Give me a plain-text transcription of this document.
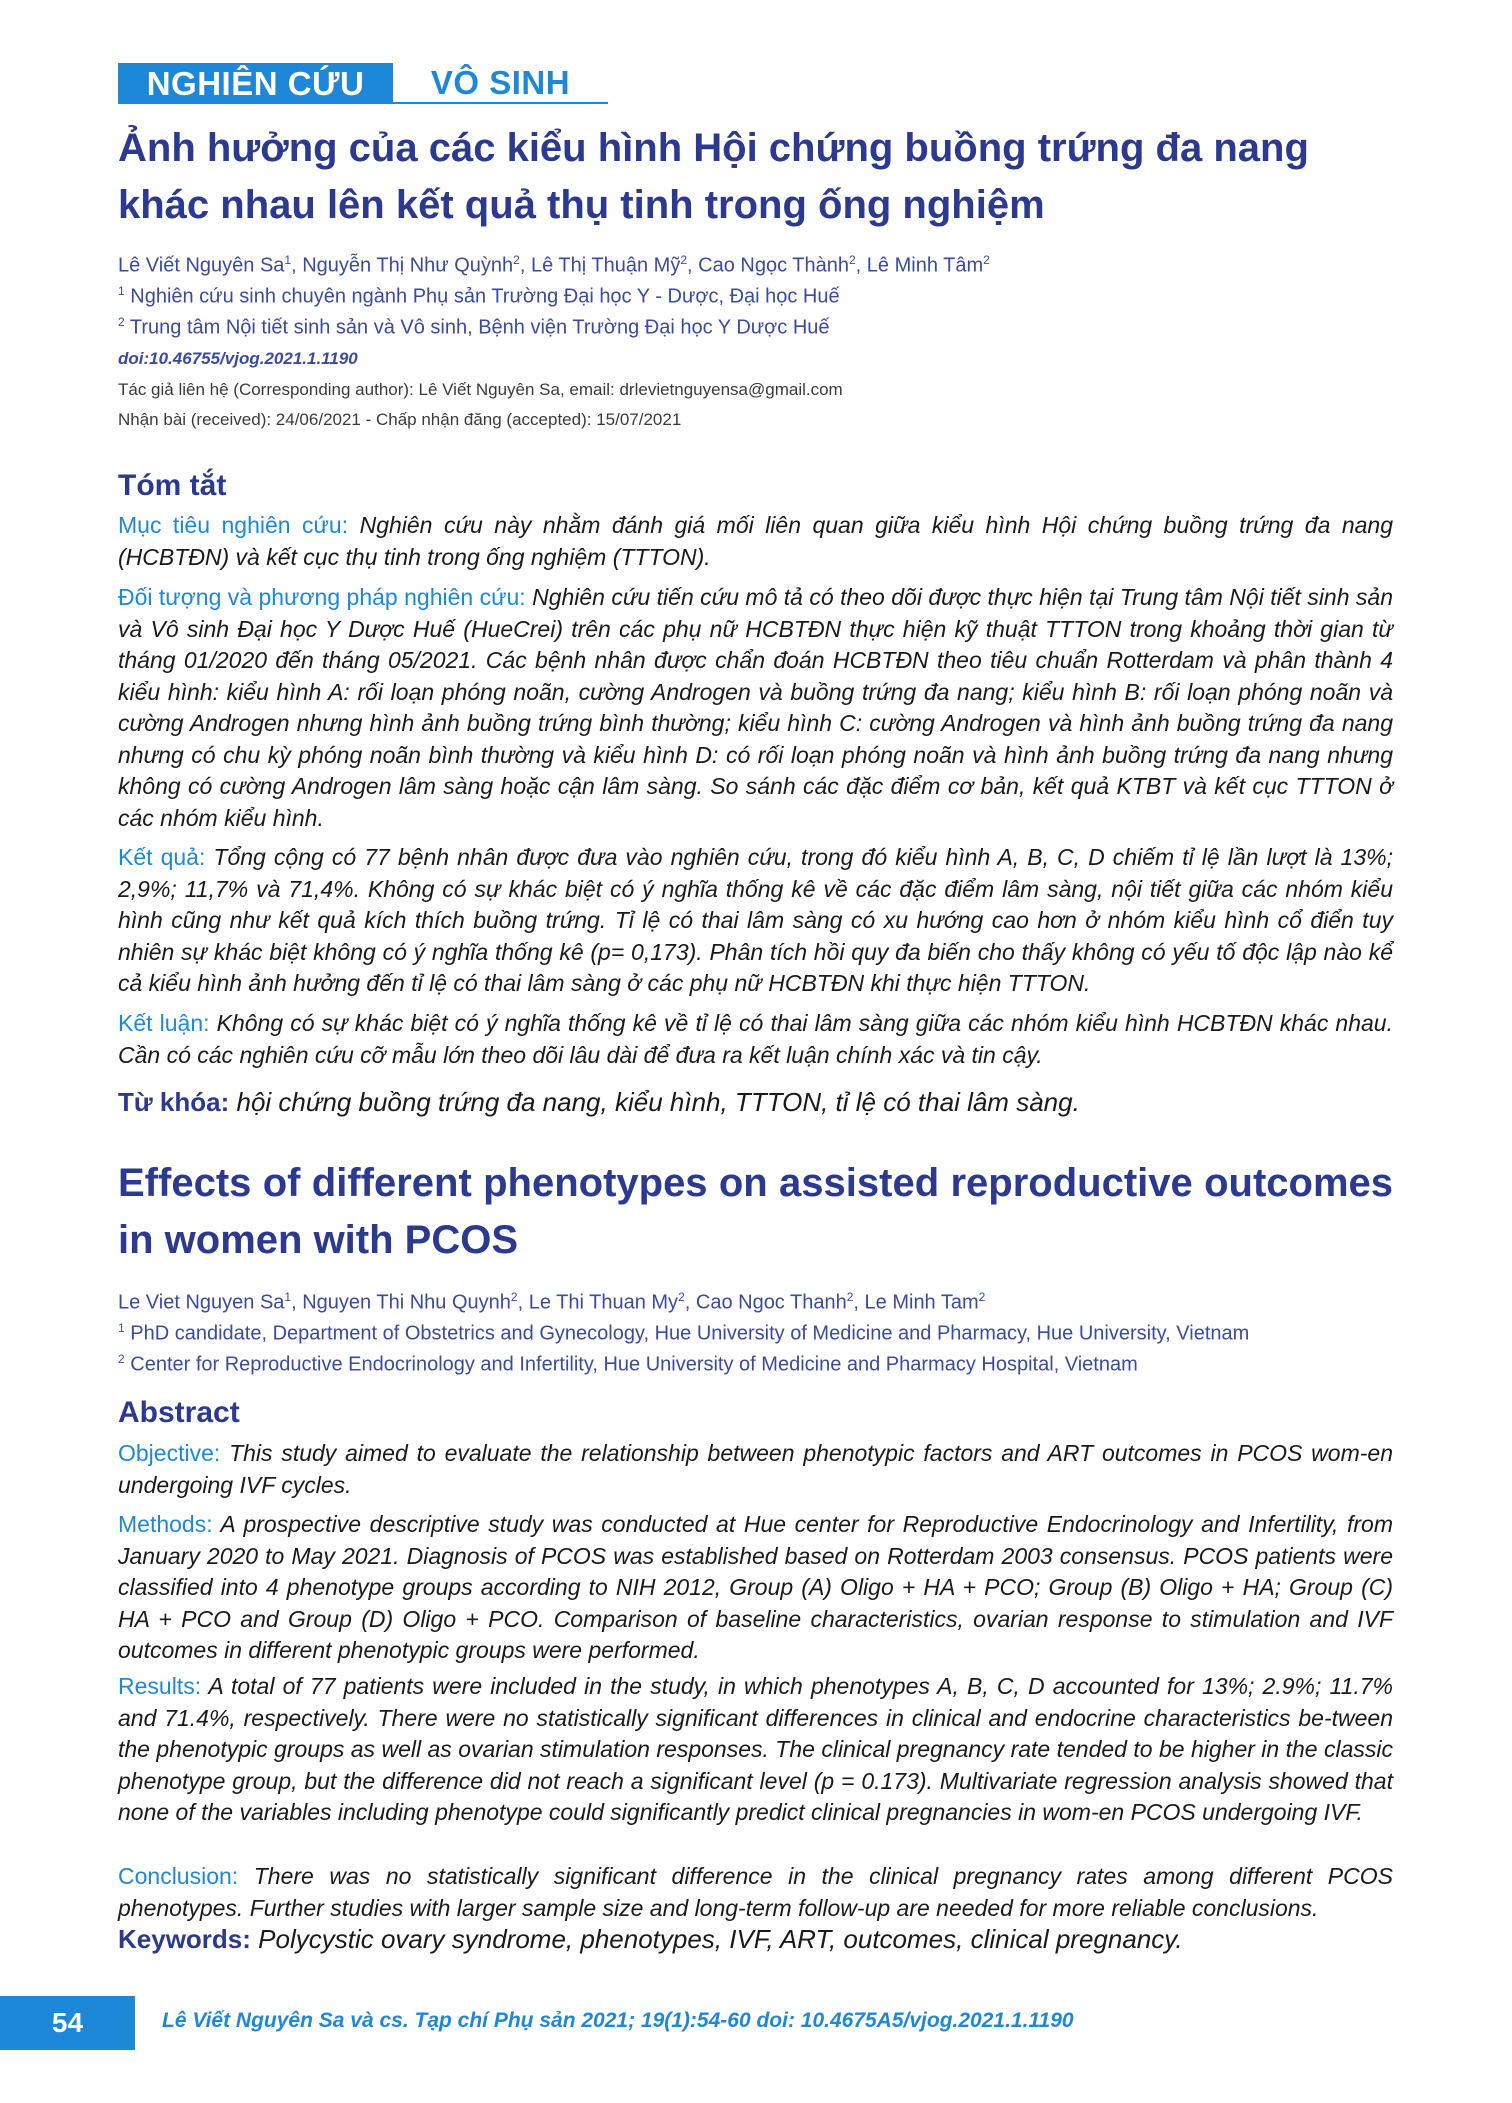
NGHIÊN CỨU	VÔ SINH
Ảnh hưởng của các kiểu hình Hội chứng buồng trứng đa nang khác nhau lên kết quả thụ tinh trong ống nghiệm
Lê Viết Nguyên Sa$^1$, Nguyễn Thị Như Quỳnh$^2$, Lê Thị Thuận Mỹ$^2$, Cao Ngọc Thành$^2$, Lê Minh Tâm$^2$
$^1$ Nghiên cứu sinh chuyên ngành Phụ sản Trường Đại học Y - Dược, Đại học Huế
$^2$ Trung tâm Nội tiết sinh sản và Vô sinh, Bệnh viện Trường Đại học Y Dược Huế
doi:10.46755/vjog.2021.1.1190
Tác giả liên hệ (Corresponding author): Lê Viết Nguyên Sa, email: drlevietnguyensa@gmail.com
Nhận bài (received): 24/06/2021 - Chấp nhận đăng (accepted): 15/07/2021
Tóm tắt
Mục tiêu nghiên cứu: Nghiên cứu này nhằm đánh giá mối liên quan giữa kiểu hình Hội chứng buồng trứng đa nang (HCBTĐN) và kết cục thụ tinh trong ống nghiệm (TTTON).
Đối tượng và phương pháp nghiên cứu: Nghiên cứu tiến cứu mô tả có theo dõi được thực hiện tại Trung tâm Nội tiết sinh sản và Vô sinh Đại học Y Dược Huế (HueCrei) trên các phụ nữ HCBTĐN thực hiện kỹ thuật TTTON trong khoảng thời gian từ tháng 01/2020 đến tháng 05/2021. Các bệnh nhân được chẩn đoán HCBTĐN theo tiêu chuẩn Rotterdam và phân thành 4 kiểu hình: kiểu hình A: rối loạn phóng noãn, cường Androgen và buồng trứng đa nang; kiểu hình B: rối loạn phóng noãn và cường Androgen nhưng hình ảnh buồng trứng bình thường; kiểu hình C: cường Androgen và hình ảnh buồng trứng đa nang nhưng có chu kỳ phóng noãn bình thường và kiểu hình D: có rối loạn phóng noãn và hình ảnh buồng trứng đa nang nhưng không có cường Androgen lâm sàng hoặc cận lâm sàng. So sánh các đặc điểm cơ bản, kết quả KTBT và kết cục TTTON ở các nhóm kiểu hình.
Kết quả: Tổng cộng có 77 bệnh nhân được đưa vào nghiên cứu, trong đó kiểu hình A, B, C, D chiếm tỉ lệ lần lượt là 13%; 2,9%; 11,7% và 71,4%. Không có sự khác biệt có ý nghĩa thống kê về các đặc điểm lâm sàng, nội tiết giữa các nhóm kiểu hình cũng như kết quả kích thích buồng trứng. Tỉ lệ có thai lâm sàng có xu hướng cao hơn ở nhóm kiểu hình cổ điển tuy nhiên sự khác biệt không có ý nghĩa thống kê (p= 0,173). Phân tích hồi quy đa biến cho thấy không có yếu tố độc lập nào kể cả kiểu hình ảnh hưởng đến tỉ lệ có thai lâm sàng ở các phụ nữ HCBTĐN khi thực hiện TTTON.
Kết luận: Không có sự khác biệt có ý nghĩa thống kê về tỉ lệ có thai lâm sàng giữa các nhóm kiểu hình HCBTĐN khác nhau. Cần có các nghiên cứu cỡ mẫu lớn theo dõi lâu dài để đưa ra kết luận chính xác và tin cậy.
Từ khóa: hội chứng buồng trứng đa nang, kiểu hình, TTTON, tỉ lệ có thai lâm sàng.
Effects of different phenotypes on assisted reproductive outcomes in women with PCOS
Le Viet Nguyen Sa$^1$, Nguyen Thi Nhu Quynh$^2$, Le Thi Thuan My$^2$, Cao Ngoc Thanh$^2$, Le Minh Tam$^2$
$^1$ PhD candidate, Department of Obstetrics and Gynecology, Hue University of Medicine and Pharmacy, Hue University, Vietnam
$^2$ Center for Reproductive Endocrinology and Infertility, Hue University of Medicine and Pharmacy Hospital, Vietnam
Abstract
Objective: This study aimed to evaluate the relationship between phenotypic factors and ART outcomes in PCOS wom-en undergoing IVF cycles.
Methods: A prospective descriptive study was conducted at Hue center for Reproductive Endocrinology and Infertility, from January 2020 to May 2021. Diagnosis of PCOS was established based on Rotterdam 2003 consensus. PCOS patients were classified into 4 phenotype groups according to NIH 2012, Group (A) Oligo + HA + PCO; Group (B) Oligo + HA; Group (C) HA + PCO and Group (D) Oligo + PCO. Comparison of baseline characteristics, ovarian response to stimulation and IVF outcomes in different phenotypic groups were performed.
Results: A total of 77 patients were included in the study, in which phenotypes A, B, C, D accounted for 13%; 2.9%; 11.7% and 71.4%, respectively. There were no statistically significant differences in clinical and endocrine characteristics be-tween the phenotypic groups as well as ovarian stimulation responses. The clinical pregnancy rate tended to be higher in the classic phenotype group, but the difference did not reach a significant level (p = 0.173). Multivariate regression analysis showed that none of the variables including phenotype could significantly predict clinical pregnancies in wom-en PCOS undergoing IVF.
Conclusion: There was no statistically significant difference in the clinical pregnancy rates among different PCOS phenotypes. Further studies with larger sample size and long-term follow-up are needed for more reliable conclusions.
Keywords: Polycystic ovary syndrome, phenotypes, IVF, ART, outcomes, clinical pregnancy.
54	Lê Viết Nguyên Sa và cs. Tạp chí Phụ sản 2021; 19(1):54-60 doi: 10.4675A5/vjog.2021.1.1190
